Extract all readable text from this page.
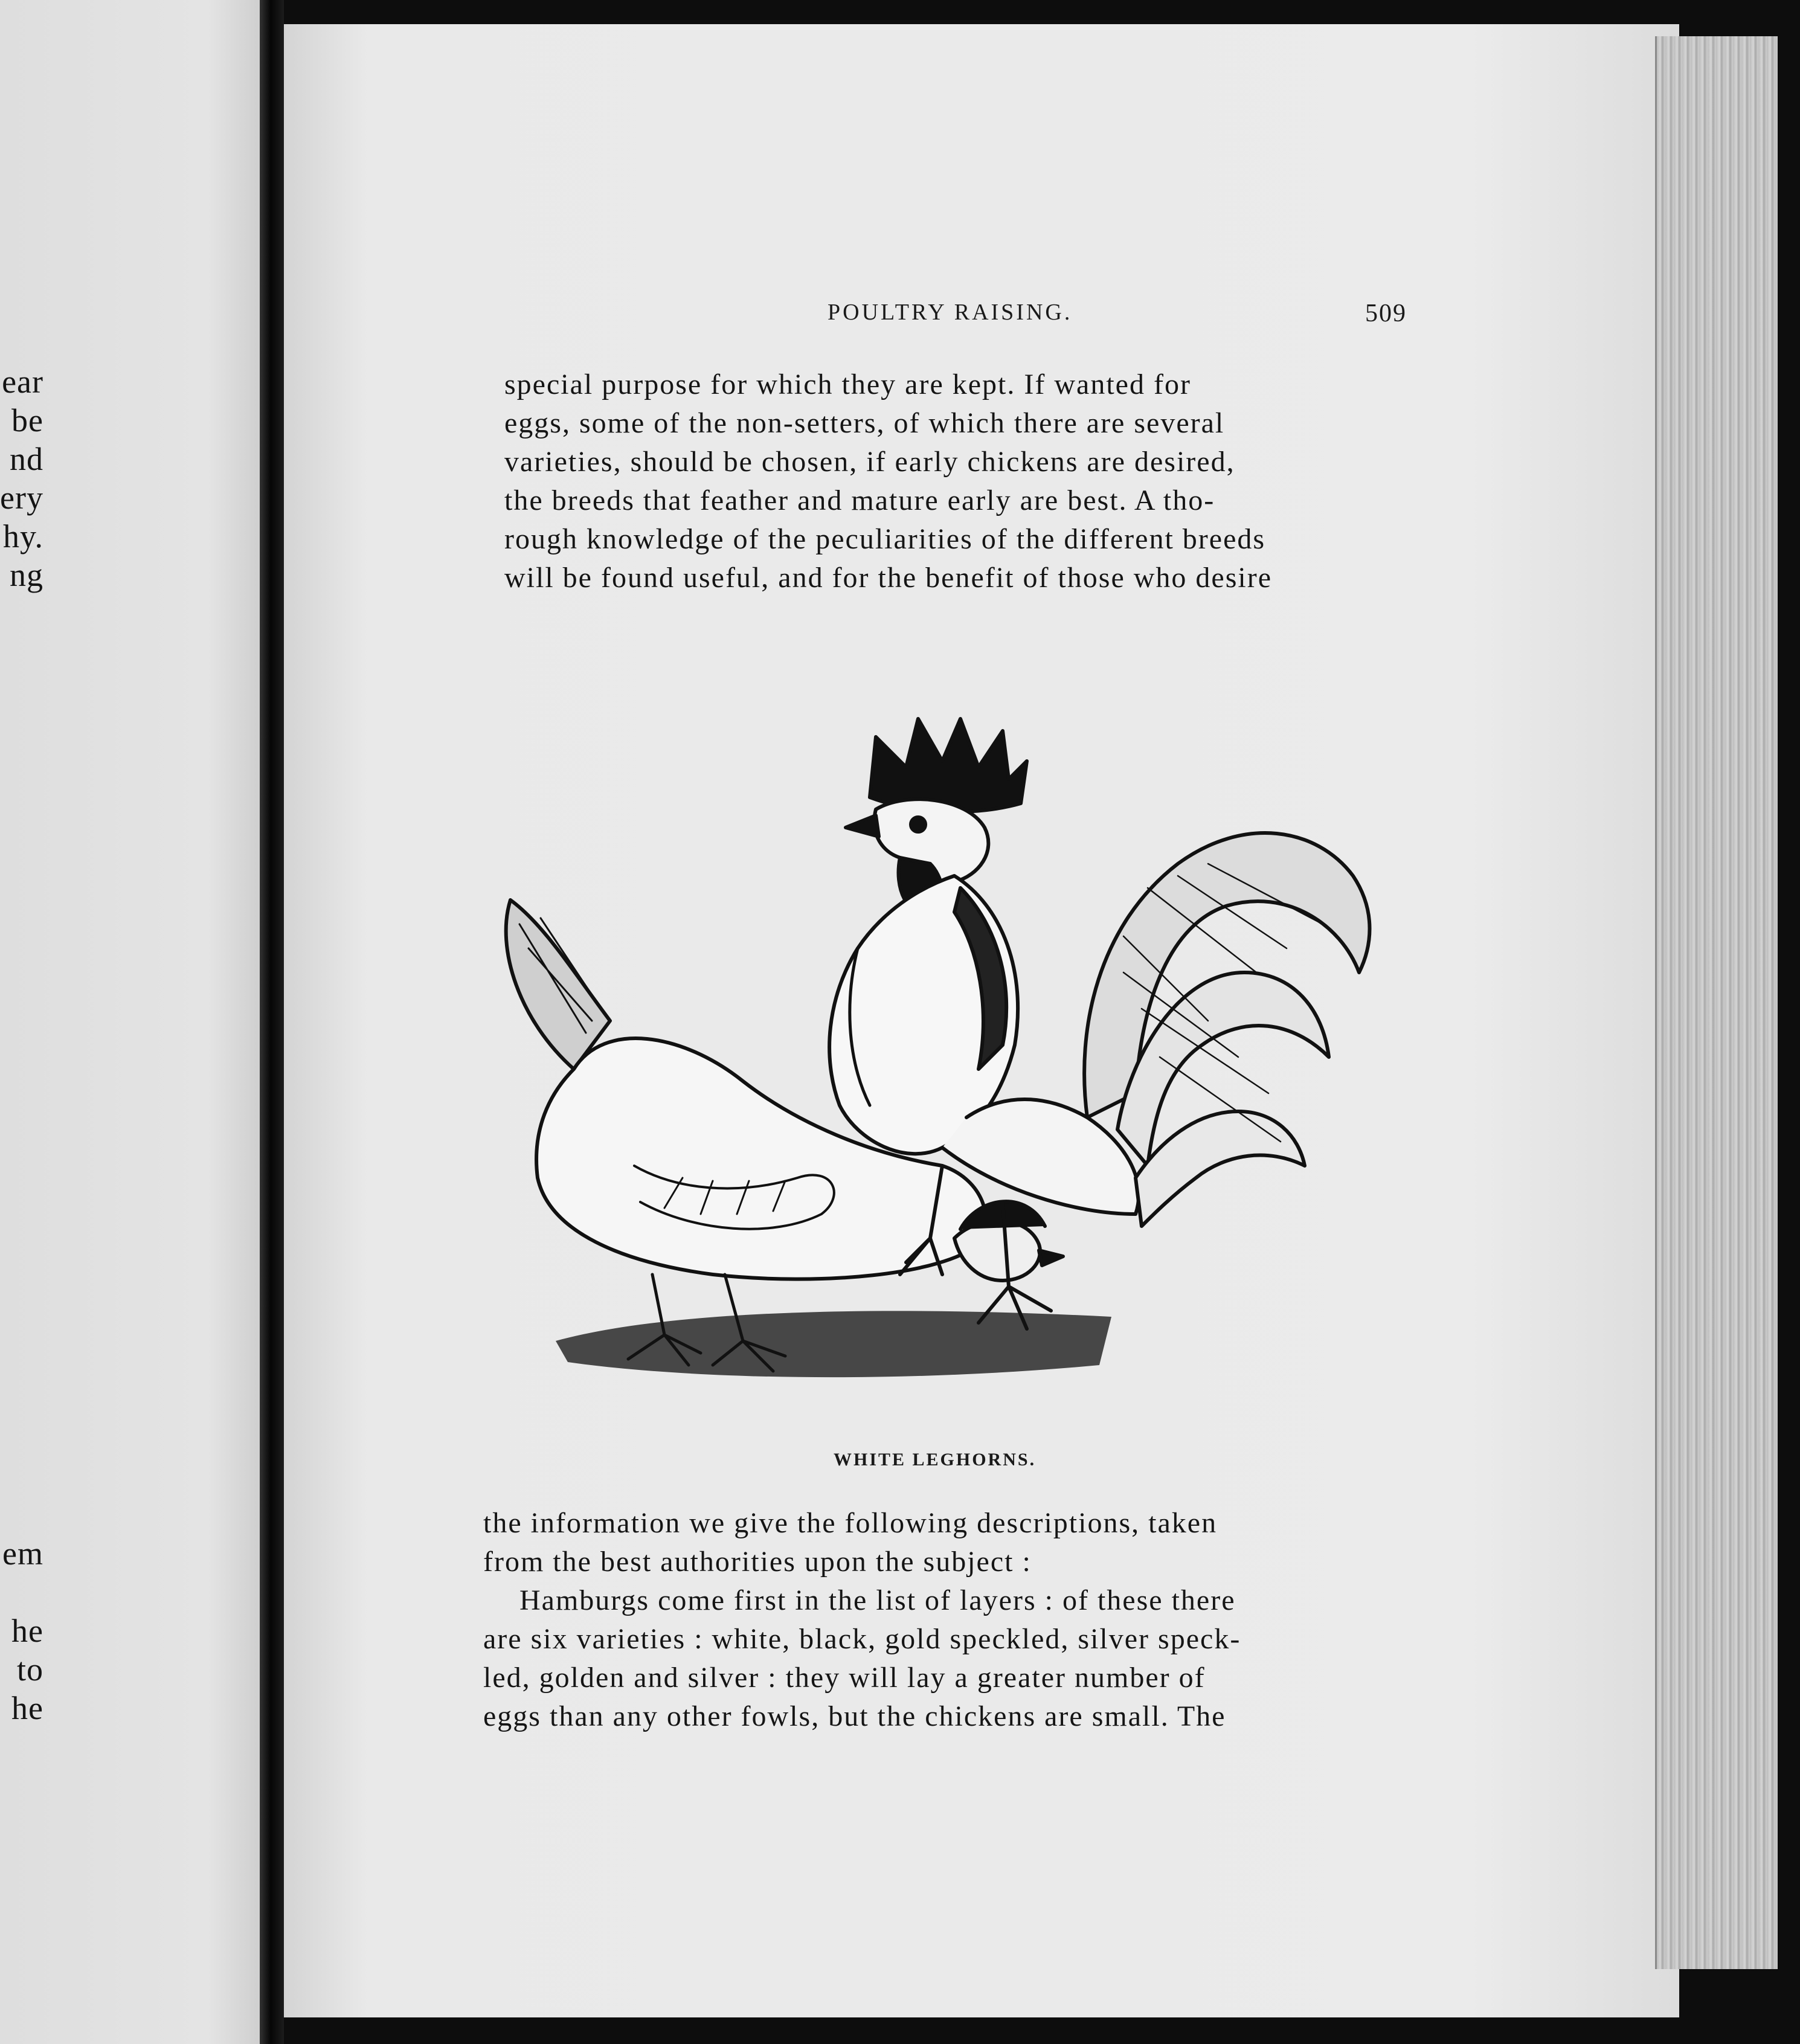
ear
be
nd
ery
hy.
ng
em
he
to
he
POULTRY RAISING.	509
special purpose for which they are kept. If wanted for
eggs, some of the non-setters, of which there are several
varieties, should be chosen, if early chickens are desired,
the breeds that feather and mature early are best. A tho-
rough knowledge of the peculiarities of the different breeds
will be found useful, and for the benefit of those who desire
WHITE LEGHORNS.
the information we give the following descriptions, taken
from the best authorities upon the subject :
Hamburgs come first in the list of layers : of these there
are six varieties : white, black, gold speckled, silver speck-
led, golden and silver : they will lay a greater number of
eggs than any other fowls, but the chickens are small. The
